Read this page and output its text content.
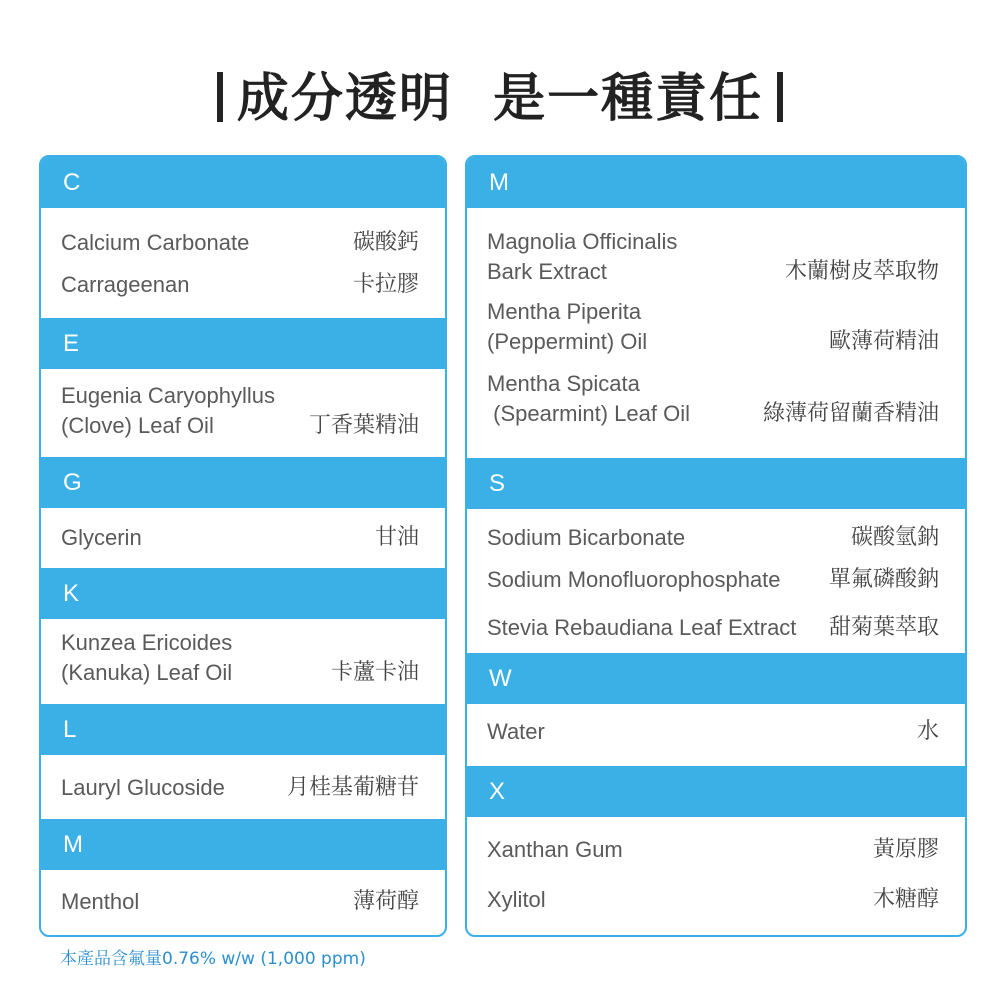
成分透明  是一種責任
C
Calcium Carbonate	碳酸鈣
Carrageenan	卡拉膠
E
Eugenia Caryophyllus
(Clove) Leaf Oil	丁香葉精油
G
Glycerin	甘油
K
Kunzea Ericoides
(Kanuka) Leaf Oil	卡蘆卡油
L
Lauryl Glucoside	月桂基葡糖苷
M
Menthol	薄荷醇
M
Magnolia Officinalis
Bark Extract	木蘭樹皮萃取物
Mentha Piperita
(Peppermint) Oil	歐薄荷精油
Mentha Spicata
(Spearmint) Leaf Oil	綠薄荷留蘭香精油
S
Sodium Bicarbonate	碳酸氫鈉
Sodium Monofluorophosphate 單氟磷酸鈉
Stevia Rebaudiana Leaf Extract 甜菊葉萃取
W
Water	水
X
Xanthan Gum	黃原膠
Xylitol	木糖醇
本產品含氟量0.76% w/w (1,000 ppm)
